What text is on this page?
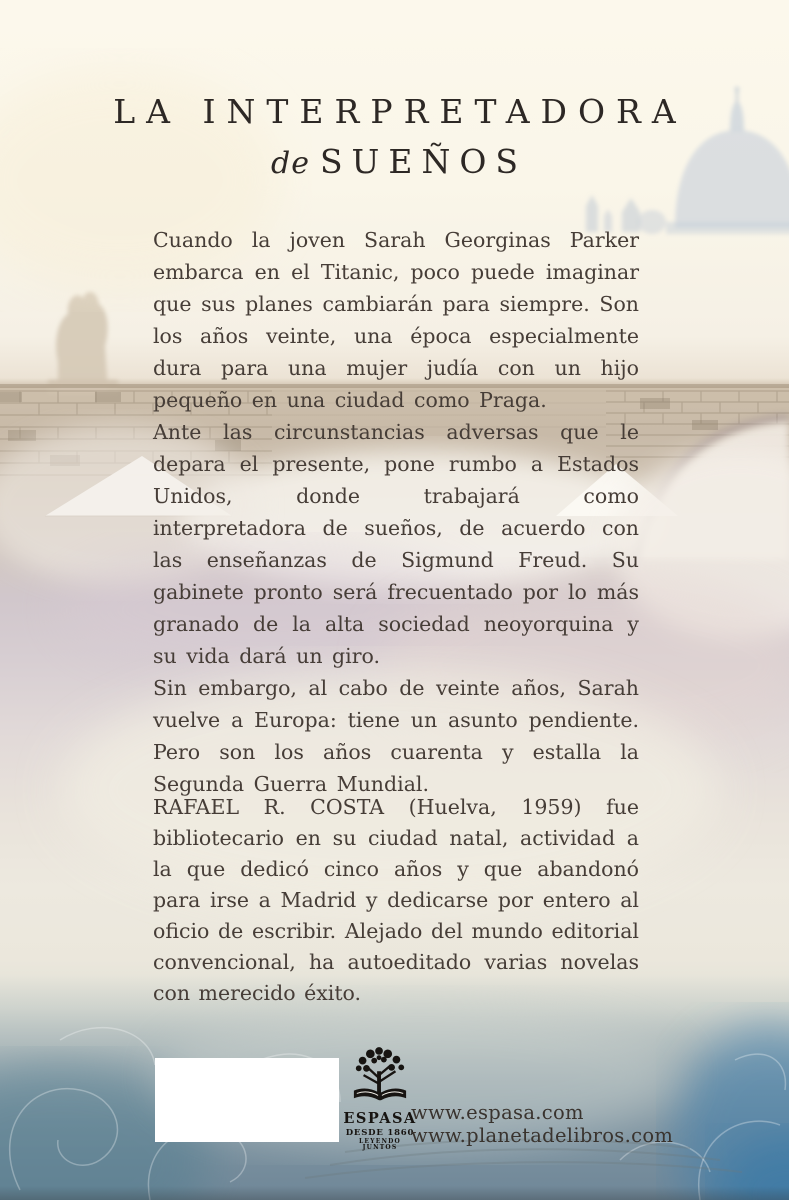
LA INTERPRETADORA
de SUEÑOS

Cuando la joven Sarah Georginas Parker embarca en el Titanic, poco puede imaginar que sus planes cambiarán para siempre. Son los años veinte, una época especialmente dura para una mujer judía con un hijo pequeño en una ciudad como Praga.

Ante las circunstancias adversas que le depara el presente, pone rumbo a Estados Unidos, donde trabajará como interpretadora de sueños, de acuerdo con las enseñanzas de Sigmund Freud. Su gabinete pronto será frecuentado por lo más granado de la alta sociedad neoyorquina y su vida dará un giro.

Sin embargo, al cabo de veinte años, Sarah vuelve a Europa: tiene un asunto pendiente. Pero son los años cuarenta y estalla la Segunda Guerra Mundial.

RAFAEL R. COSTA (Huelva, 1959) fue bibliotecario en su ciudad natal, actividad a la que dedicó cinco años y que abandonó para irse a Madrid y dedicarse por entero al oficio de escribir. Alejado del mundo editorial convencional, ha autoeditado varias novelas con merecido éxito.
ESPASA
DESDE 1860
LEYENDO JUNTOS
www.espasa.com
www.planetadelibros.com
